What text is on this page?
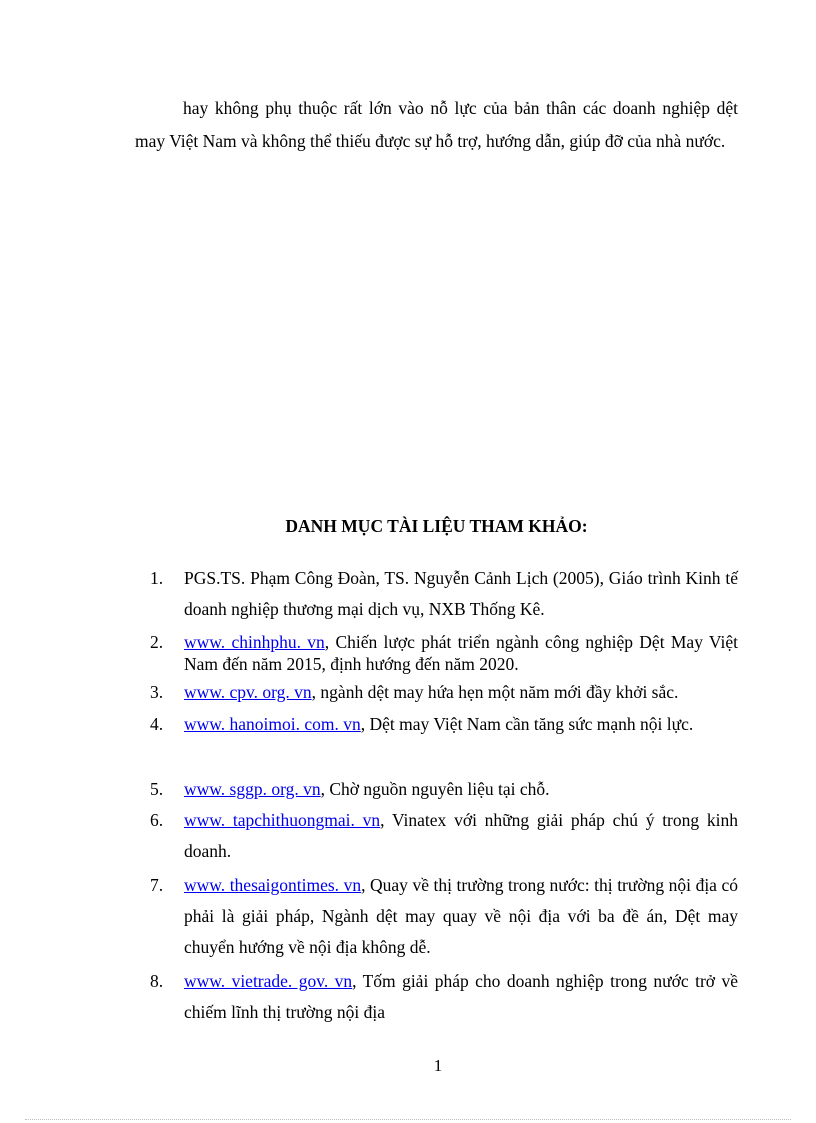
hay không phụ thuộc rất lớn vào nỗ lực của bản thân các doanh nghiệp dệt may Việt Nam và không thể thiếu được sự hỗ trợ, hướng dẫn, giúp đỡ của nhà nước.

DANH MỤC TÀI LIỆU THAM KHẢO:
1.	PGS.TS. Phạm Công Đoàn, TS. Nguyễn Cảnh Lịch (2005), Giáo trình Kinh tế doanh nghiệp thương mại dịch vụ, NXB Thống Kê.
2.	www. chinhphu. vn, Chiến lược phát triển ngành công nghiệp Dệt May Việt Nam đến năm 2015, định hướng đến năm 2020.
3.	www. cpv. org. vn, ngành dệt may hứa hẹn một năm mới đầy khởi sắc.
4.	www. hanoimoi. com. vn, Dệt may Việt Nam cần tăng sức mạnh nội lực.
5.	www. sggp. org. vn, Chờ nguồn nguyên liệu tại chỗ.
6.	www. tapchithuongmai. vn, Vinatex với những giải pháp chú ý trong kinh doanh.
7.	www. thesaigontimes. vn, Quay về thị trường trong nước: thị trường nội địa có phải là giải pháp, Ngành dệt may quay về nội địa với ba đề án, Dệt may chuyển hướng về nội địa không dễ.
8.	www. vietrade. gov. vn, Tốm giải pháp cho doanh nghiệp trong nước trở về chiếm lĩnh thị trường nội địa

1
